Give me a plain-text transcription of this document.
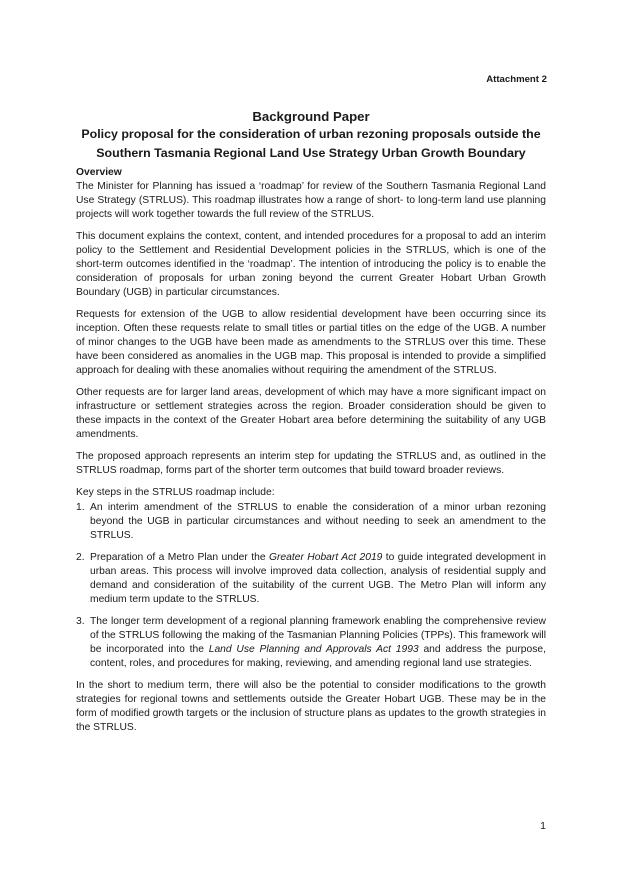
Attachment 2
Background Paper
Policy proposal for the consideration of urban rezoning proposals outside the
Southern Tasmania Regional Land Use Strategy Urban Growth Boundary
Overview

The Minister for Planning has issued a ‘roadmap’ for review of the Southern Tasmania Regional Land Use Strategy (STRLUS). This roadmap illustrates how a range of short- to long-term land use planning projects will work together towards the full review of the STRLUS.

This document explains the context, content, and intended procedures for a proposal to add an interim policy to the Settlement and Residential Development policies in the STRLUS, which is one of the short-term outcomes identified in the ‘roadmap’. The intention of introducing the policy is to enable the consideration of proposals for urban zoning beyond the current Greater Hobart Urban Growth Boundary (UGB) in particular circumstances.

Requests for extension of the UGB to allow residential development have been occurring since its inception. Often these requests relate to small titles or partial titles on the edge of the UGB. A number of minor changes to the UGB have been made as amendments to the STRLUS over this time. These have been considered as anomalies in the UGB map. This proposal is intended to provide a simplified approach for dealing with these anomalies without requiring the amendment of the STRLUS.

Other requests are for larger land areas, development of which may have a more significant impact on infrastructure or settlement strategies across the region. Broader consideration should be given to these impacts in the context of the Greater Hobart area before determining the suitability of any UGB amendments.

The proposed approach represents an interim step for updating the STRLUS and, as outlined in the STRLUS roadmap, forms part of the shorter term outcomes that build toward broader reviews.

Key steps in the STRLUS roadmap include:
1. An interim amendment of the STRLUS to enable the consideration of a minor urban rezoning beyond the UGB in particular circumstances and without needing to seek an amendment to the STRLUS.
2. Preparation of a Metro Plan under the Greater Hobart Act 2019 to guide integrated development in urban areas. This process will involve improved data collection, analysis of residential supply and demand and consideration of the suitability of the current UGB. The Metro Plan will inform any medium term update to the STRLUS.
3. The longer term development of a regional planning framework enabling the comprehensive review of the STRLUS following the making of the Tasmanian Planning Policies (TPPs). This framework will be incorporated into the Land Use Planning and Approvals Act 1993 and address the purpose, content, roles, and procedures for making, reviewing, and amending regional land use strategies.

In the short to medium term, there will also be the potential to consider modifications to the growth strategies for regional towns and settlements outside the Greater Hobart UGB. These may be in the form of modified growth targets or the inclusion of structure plans as updates to the growth strategies in the STRLUS.

1
